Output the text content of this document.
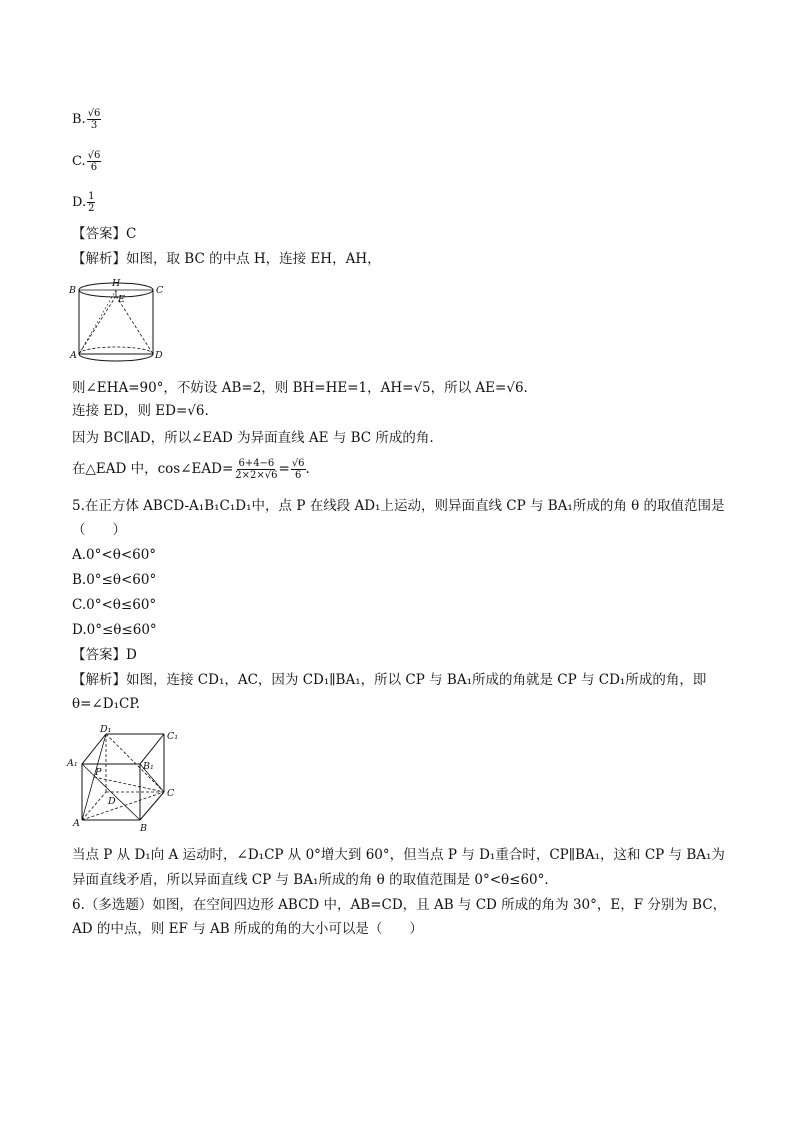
B. $\frac{√6}{3}$
C. $\frac{√6}{6}$
D. $\frac{1}{2}$
【答案】C
【解析】如图，取 BC 的中点 H，连接 EH，AH，
B
H
C
E
A	D
则∠EHA=90°，不妨设 AB=2，则 BH=HE=1，AH=√5，所以 AE=√6.
连接 ED，则 ED=√6.
因为 BC∥AD，所以∠EAD 为异面直线 AE 与 BC 所成的角.
在△EAD 中，cos∠EAD= $\frac{6+4-6}{2\times 2\times√6} = \frac{√6}{6}$ .
5.在正方体 ABCD-A₁B₁C₁D₁中，点 P 在线段 AD₁上运动，则异面直线 CP 与 BA₁所成的角 θ 的取值范围是
（　　）
A.0°<θ<60°
B.0°≤θ<60°
C.0°<θ≤60°
D.0°≤θ≤60°
【答案】D
【解析】如图，连接 CD₁，AC，因为 CD₁∥BA₁，所以 CP 与 BA₁所成的角就是 CP 与 CD₁所成的角，即
θ=∠D₁CP.
D₁
C₁
A₁	B₁
P
D
C
A	B
当点 P 从 D₁向 A 运动时，∠D₁CP 从 0°增大到 60°，但当点 P 与 D₁重合时，CP∥BA₁，这和 CP 与 BA₁为
异面直线矛盾，所以异面直线 CP 与 BA₁所成的角 θ 的取值范围是 0°<θ≤60°.
6.（多选题）如图，在空间四边形 ABCD 中，AB=CD，且 AB 与 CD 所成的角为 30°，E，F 分别为 BC，
AD 的中点，则 EF 与 AB 所成的角的大小可以是（　　）
